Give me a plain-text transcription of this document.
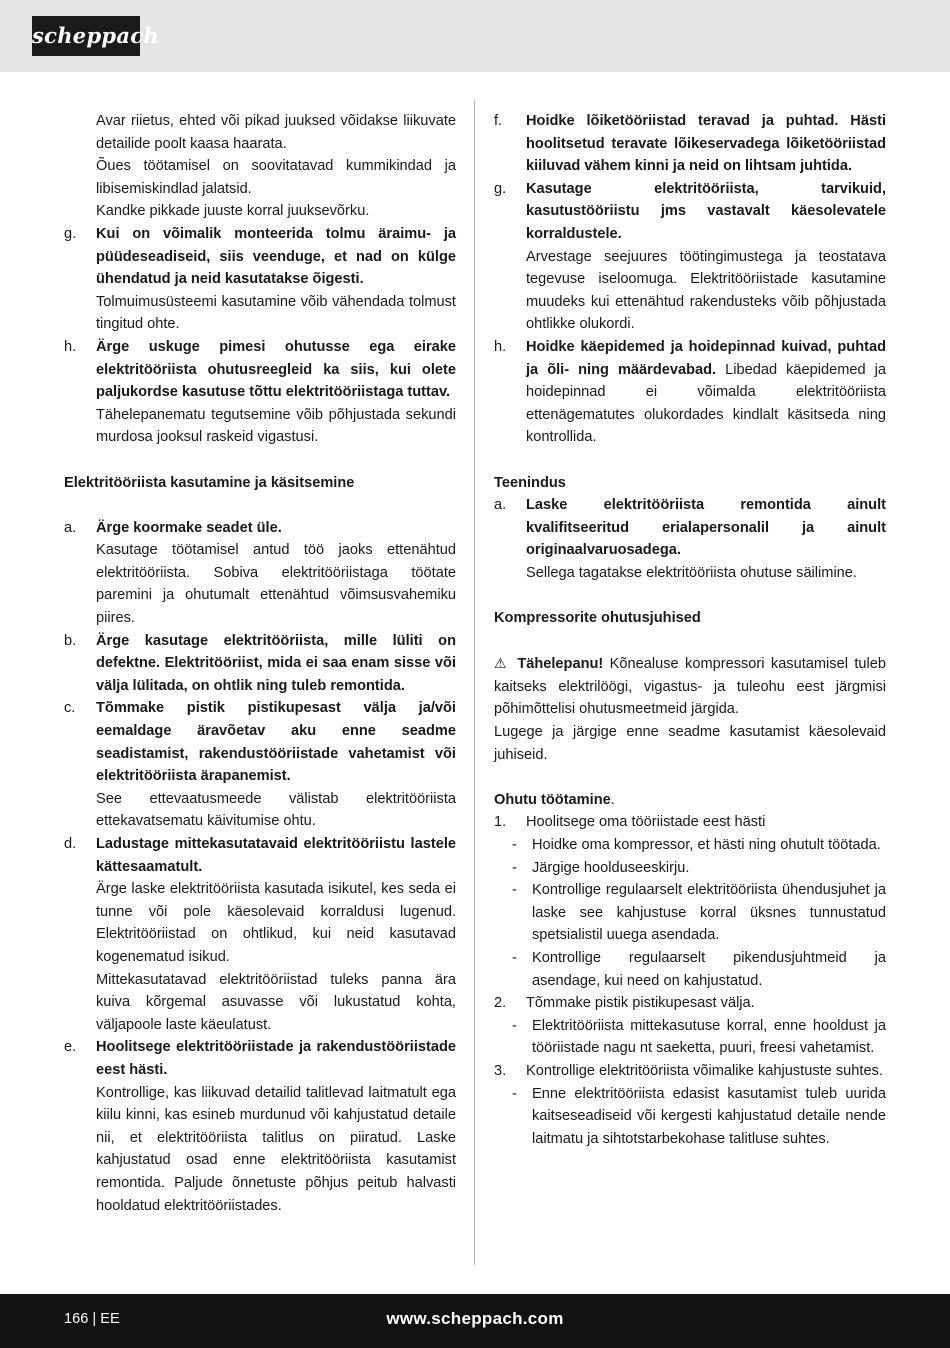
scheppach
Avar riietus, ehted või pikad juuksed võidakse liikuvate detailide poolt kaasa haarata.
Õues töötamisel on soovitatavad kummikindad ja libisemiskindlad jalatsid.
Kandke pikkade juuste korral juuksevõrku.
g.	Kui on võimalik monteerida tolmu äraimu- ja püüdeseadiseid, siis veenduge, et nad on külge ühendatud ja neid kasutatakse õigesti.
Tolmuimusüsteemi kasutamine võib vähendada tolmust tingitud ohte.
h.	Ärge uskuge pimesi ohutusse ega eirake elektritööriista ohutusreegleid ka siis, kui olete paljukordse kasutuse tõttu elektritööriistaga tuttav.
Tähelepanematu tegutsemine võib põhjustada sekundi murdosa jooksul raskeid vigastusi.
Elektritööriista kasutamine ja käsitsemine
a.	Ärge koormake seadet üle.
Kasutage töötamisel antud töö jaoks ettenähtud elektritööriista. Sobiva elektritööriistaga töötate paremini ja ohutumalt ettenähtud võimsusvahemiku piires.
b.	Ärge kasutage elektritööriista, mille lüliti on defektne. Elektritööriist, mida ei saa enam sisse või välja lülitada, on ohtlik ning tuleb remontida.
c.	Tõmmake pistik pistikupesast välja ja/või eemaldage äravõetav aku enne seadme seadistamist, rakendustööriistade vahetamist või elektritööriista ärapanemist.
See ettevaatusmeede välistab elektritööriista ettekavatsematu käivitumise ohtu.
d.	Ladustage mittekasutatavaid elektritööriistu lastele kättesaamatult.
Ärge laske elektritööriista kasutada isikutel, kes seda ei tunne või pole käesolevaid korraldusi lugenud. Elektritööriistad on ohtlikud, kui neid kasutavad kogenematud isikud.
Mittekasutatavad elektritööriistad tuleks panna ära kuiva kõrgemal asuvasse või lukustatud kohta, väljapoole laste käeulatust.
e.	Hoolitsege elektritööriistade ja rakendustööriistade eest hästi.
Kontrollige, kas liikuvad detailid talitlevad laitmatult ega kiilu kinni, kas esineb murdunud või kahjustatud detaile nii, et elektritööriista talitlus on piiratud. Laske kahjustatud osad enne elektritööriista kasutamist remontida. Paljude õnnetuste põhjus peitub halvasti hooldatud elektritööriistades.
f.	Hoidke lõiketööriistad teravad ja puhtad. Hästi hoolitsetud teravate lõikeservadega lõiketööriistad kiiluvad vähem kinni ja neid on lihtsam juhtida.
g.	Kasutage elektritööriista, tarvikuid, kasutustööriistu jms vastavalt käesolevatele korraldustele.
Arvestage seejuures töötingimustega ja teostatava tegevuse iseloomuga. Elektritööriistade kasutamine muudeks kui ettenähtud rakendusteks võib põhjustada ohtlikke olukordi.
h.	Hoidke käepidemed ja hoidepinnad kuivad, puhtad ja õli- ning määrdevabad. Libedad käepidemed ja hoidepinnad ei võimalda elektritööriista ettenägematutes olukordades kindlalt käsitseda ning kontrollida.
Teenindus
a.	Laske elektritööriista remontida ainult kvalifitseeritud erialapersonalil ja ainult originaalvaruosadega.
Sellega tagatakse elektritööriista ohutuse säilimine.
Kompressorite ohutusjuhised
⚠ Tähelepanu! Kõnealuse kompressori kasutamisel tuleb kaitseks elektrilöögi, vigastus- ja tuleohu eest järgmisi põhimõttelisi ohutusmeetmeid järgida.
Lugege ja järgige enne seadme kasutamist käesolevaid juhiseid.
Ohutu töötamine.
1.	Hoolitsege oma tööriistade eest hästi
-	Hoidke oma kompressor, et hästi ning ohutult töötada.
-	Järgige hoolduseeskirju.
-	Kontrollige regulaarselt elektritööriista ühendusjuhet ja laske see kahjustuse korral üksnes tunnustatud spetsialistil uuega asendada.
-	Kontrollige regulaarselt pikendusjuhtmeid ja asendage, kui need on kahjustatud.
2.	Tõmmake pistik pistikupesast välja.
-	Elektritööriista mittekasutuse korral, enne hooldust ja tööriistade nagu nt saeketta, puuri, freesi vahetamist.
3.	Kontrollige elektritööriista võimalike kahjustuste suhtes.
-	Enne elektritööriista edasist kasutamist tuleb uurida kaitseseadiseid või kergesti kahjustatud detaile nende laitmatu ja sihtotstarbekohase talitluse suhtes.
166 | EE	www.scheppach.com
